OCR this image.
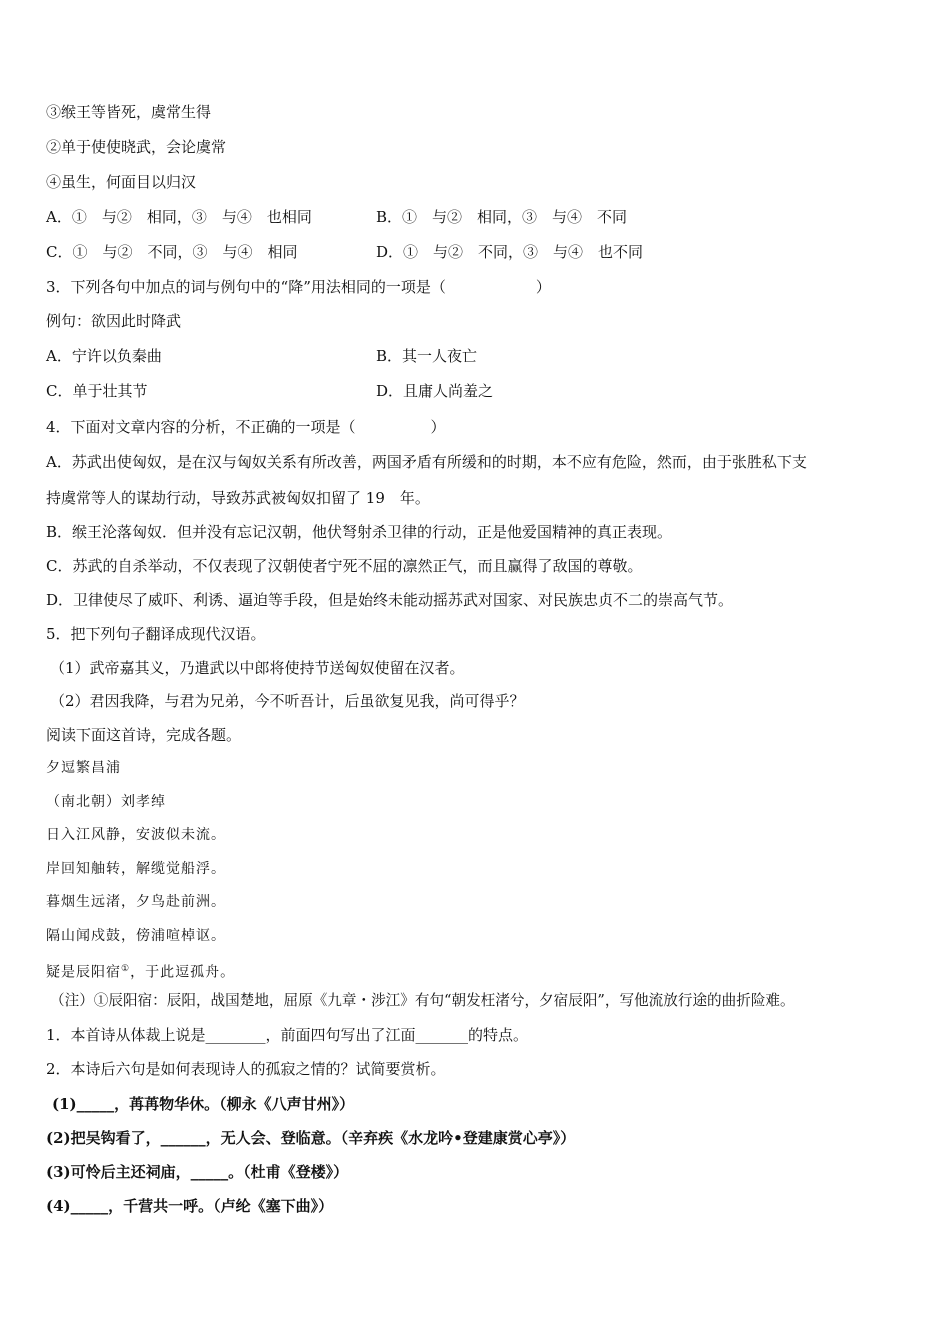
③缑王等皆死，虞常生得
②单于使使晓武，会论虞常
④虽生，何面目以归汉
A．①　与②　相同，③　与④　也相同	B．①　与②　相同，③　与④　不同
C．①　与②　不同，③　与④　相同	D．①　与②　不同，③　与④　也不同
3．下列各句中加点的词与例句中的“降”用法相同的一项是（　　　　　　）
例句：欲因此时降武
A．宁许以负秦曲	B．其一人夜亡
C．单于壮其节	D．且庸人尚羞之
4．下面对文章内容的分析，不正确的一项是（　　　　　）
A．苏武出使匈奴，是在汉与匈奴关系有所改善，两国矛盾有所缓和的时期，本不应有危险，然而，由于张胜私下支
持虞常等人的谋劫行动，导致苏武被匈奴扣留了 19　年。
B．缑王沦落匈奴．但并没有忘记汉朝，他伏弩射杀卫律的行动，正是他爱国精神的真正表现。
C．苏武的自杀举动，不仅表现了汉朝使者宁死不屈的凛然正气，而且赢得了敌国的尊敬。
D．卫律使尽了威吓、利诱、逼迫等手段，但是始终未能动摇苏武对国家、对民族忠贞不二的崇高气节。
5．把下列句子翻译成现代汉语。
（1）武帝嘉其义，乃遣武以中郎将使持节送匈奴使留在汉者。
（2）君因我降，与君为兄弟，今不听吾计，后虽欲复见我，尚可得乎？
阅读下面这首诗，完成各题。
夕逗繁昌浦
（南北朝）刘孝绰
日入江风静，安波似未流。
岸回知舳转，解缆觉船浮。
暮烟生远渚，夕鸟赴前洲。
隔山闻戍鼓，傍浦喧棹讴。
疑是辰阳宿①，于此逗孤舟。
（注）①辰阳宿：辰阳，战国楚地，屈原《九章・涉江》有句“朝发枉渚兮，夕宿辰阳”，写他流放行途的曲折险难。
1．本首诗从体裁上说是________，前面四句写出了江面_______的特点。
2．本诗后六句是如何表现诗人的孤寂之情的？试简要赏析。
(1)_____，苒苒物华休。（柳永《八声甘州》）
(2)把吴钩看了，______，无人会、登临意。（辛弃疾《水龙吟•登建康赏心亭》）
(3)可怜后主还祠庙，_____。（杜甫《登楼》）
(4)_____，千营共一呼。（卢纶《塞下曲》）
